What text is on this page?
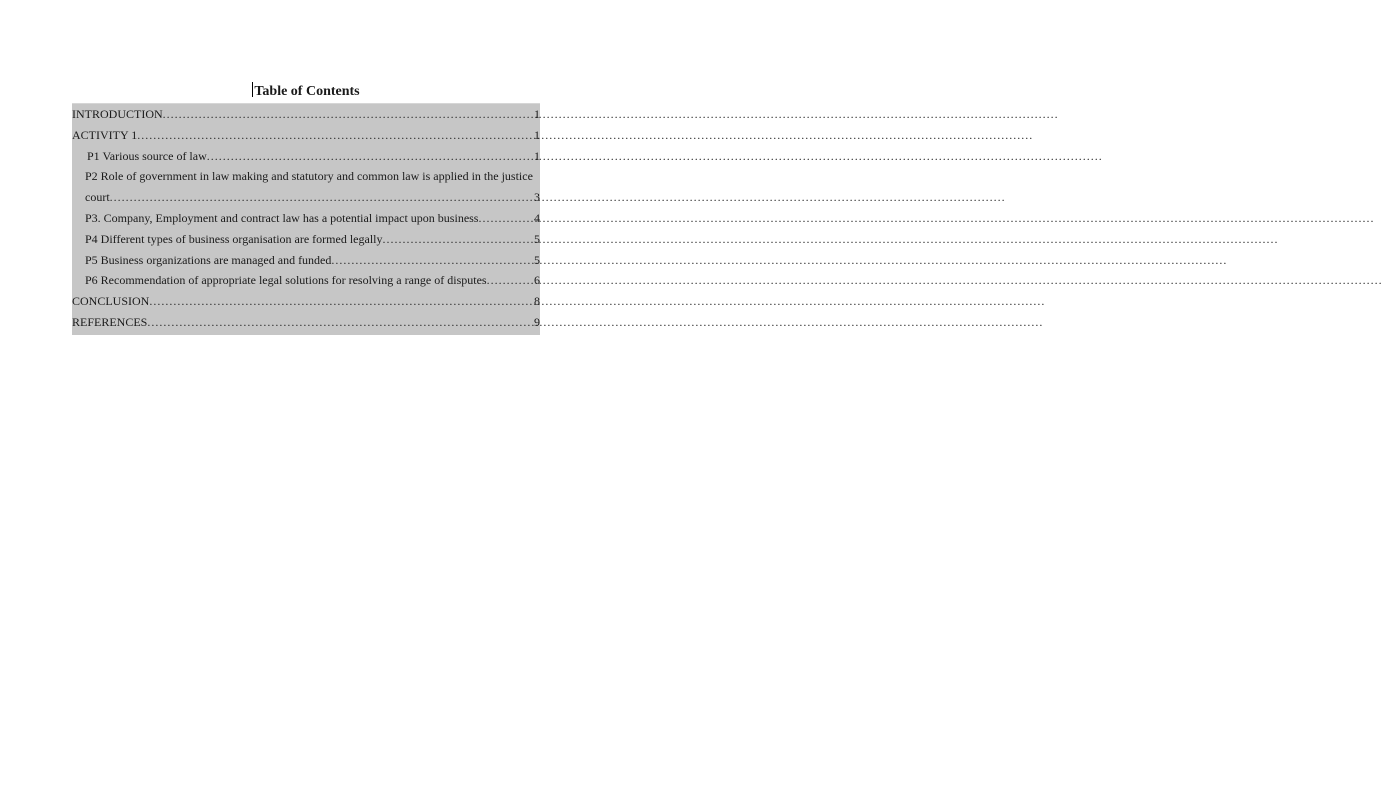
Table of Contents
INTRODUCTION .....	1
ACTIVITY 1 .....	1
P1 Various source of law .....	1
P2 Role of government in law making and statutory and common law is applied in the justice
court .....	3
P3. Company, Employment and contract law has a potential impact upon business .....	4
P4 Different types of business organisation are formed legally .....	5
P5 Business organizations are managed and funded .....	5
P6 Recommendation of appropriate legal solutions for resolving a range of disputes .....	6
CONCLUSION .....	8
REFERENCES .....	9
